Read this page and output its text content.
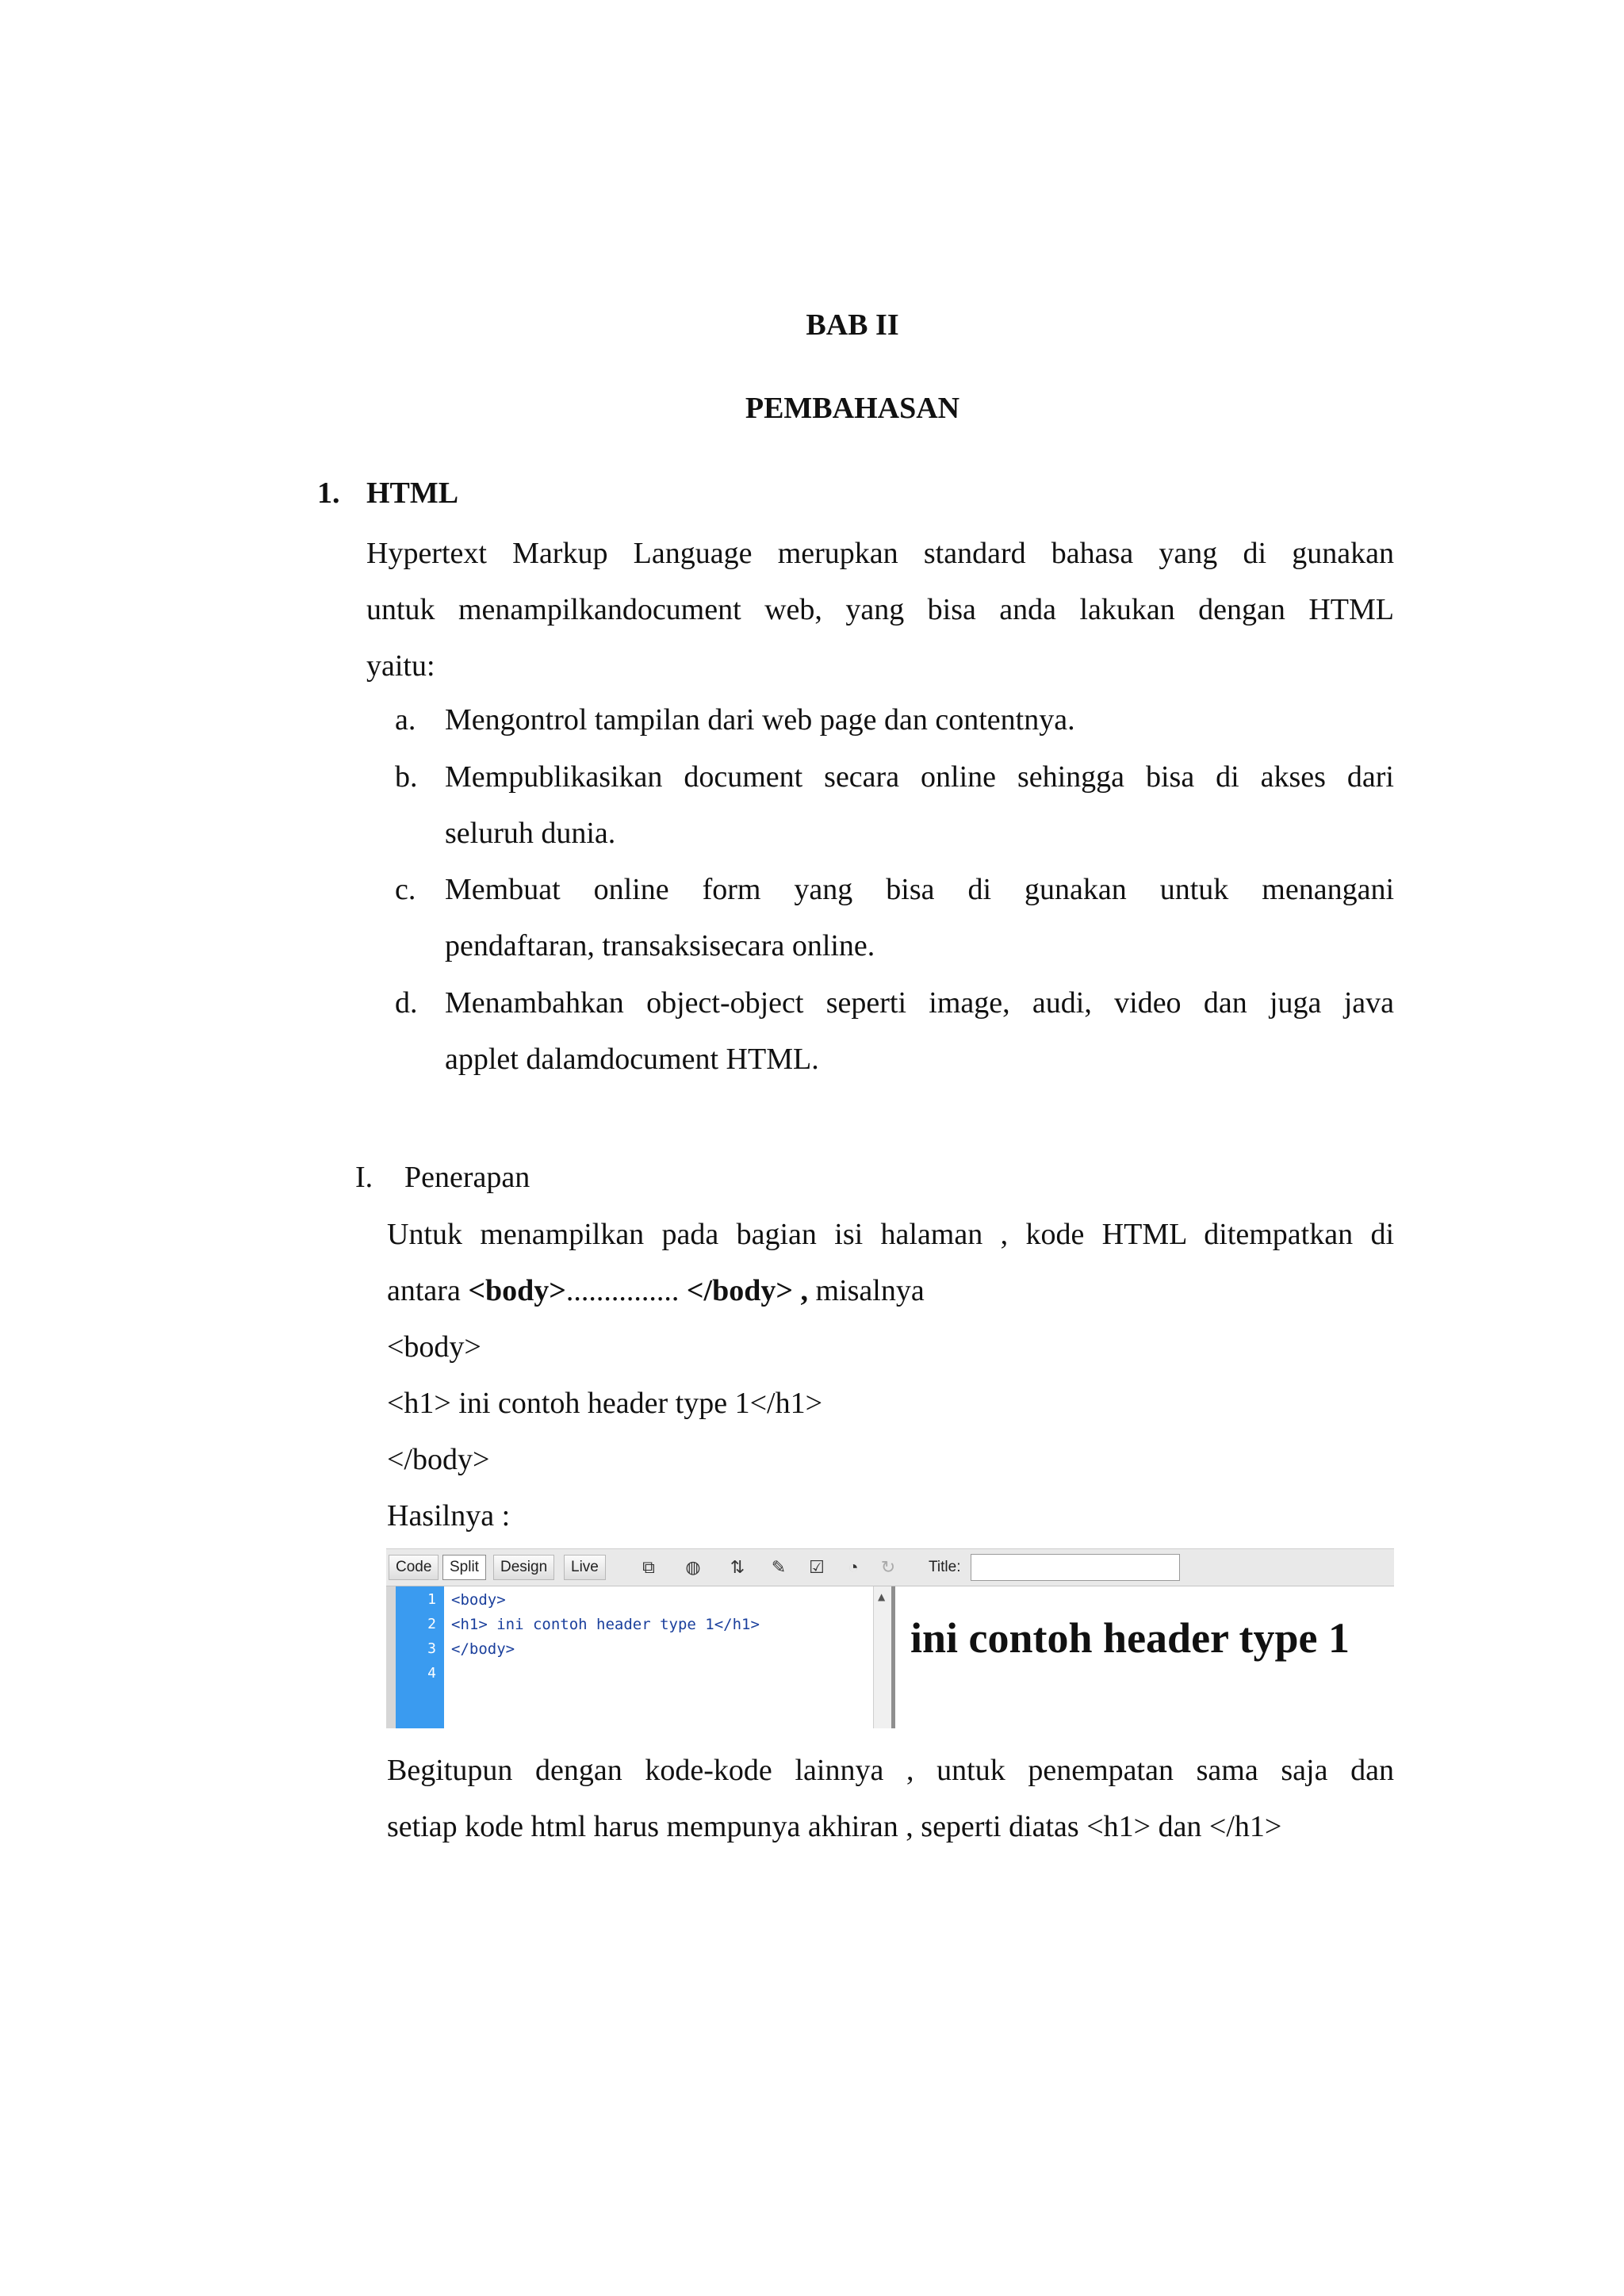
BAB II
PEMBAHASAN
1. HTML
Hypertext Markup Language merupkan standard bahasa yang di gunakan
untuk menampilkandocument web, yang bisa anda lakukan dengan HTML
yaitu:
a. Mengontrol tampilan dari web page dan contentnya.
b. Mempublikasikan document secara online sehingga bisa di akses dari
seluruh dunia.
c. Membuat online form yang bisa di gunakan untuk menangani
pendaftaran, transaksisecara online.
d. Menambahkan object-object seperti image, audi, video dan juga java
applet dalamdocument HTML.
I. Penerapan
Untuk menampilkan pada bagian isi halaman , kode HTML ditempatkan di
antara <body>............... </body> , misalnya
<body>
<h1> ini contoh header type 1</h1>
</body>
Hasilnya :
Code	Split	Design	Live	⧉	◍	⇅	✎	☑	◔	↻	Title:
1
2
3
4
<body>
<h1> ini contoh header type 1</h1>
</body>
▲
ini contoh header type 1
Begitupun dengan kode-kode lainnya , untuk penempatan sama saja dan
setiap kode html harus mempunya akhiran , seperti diatas <h1> dan </h1>
